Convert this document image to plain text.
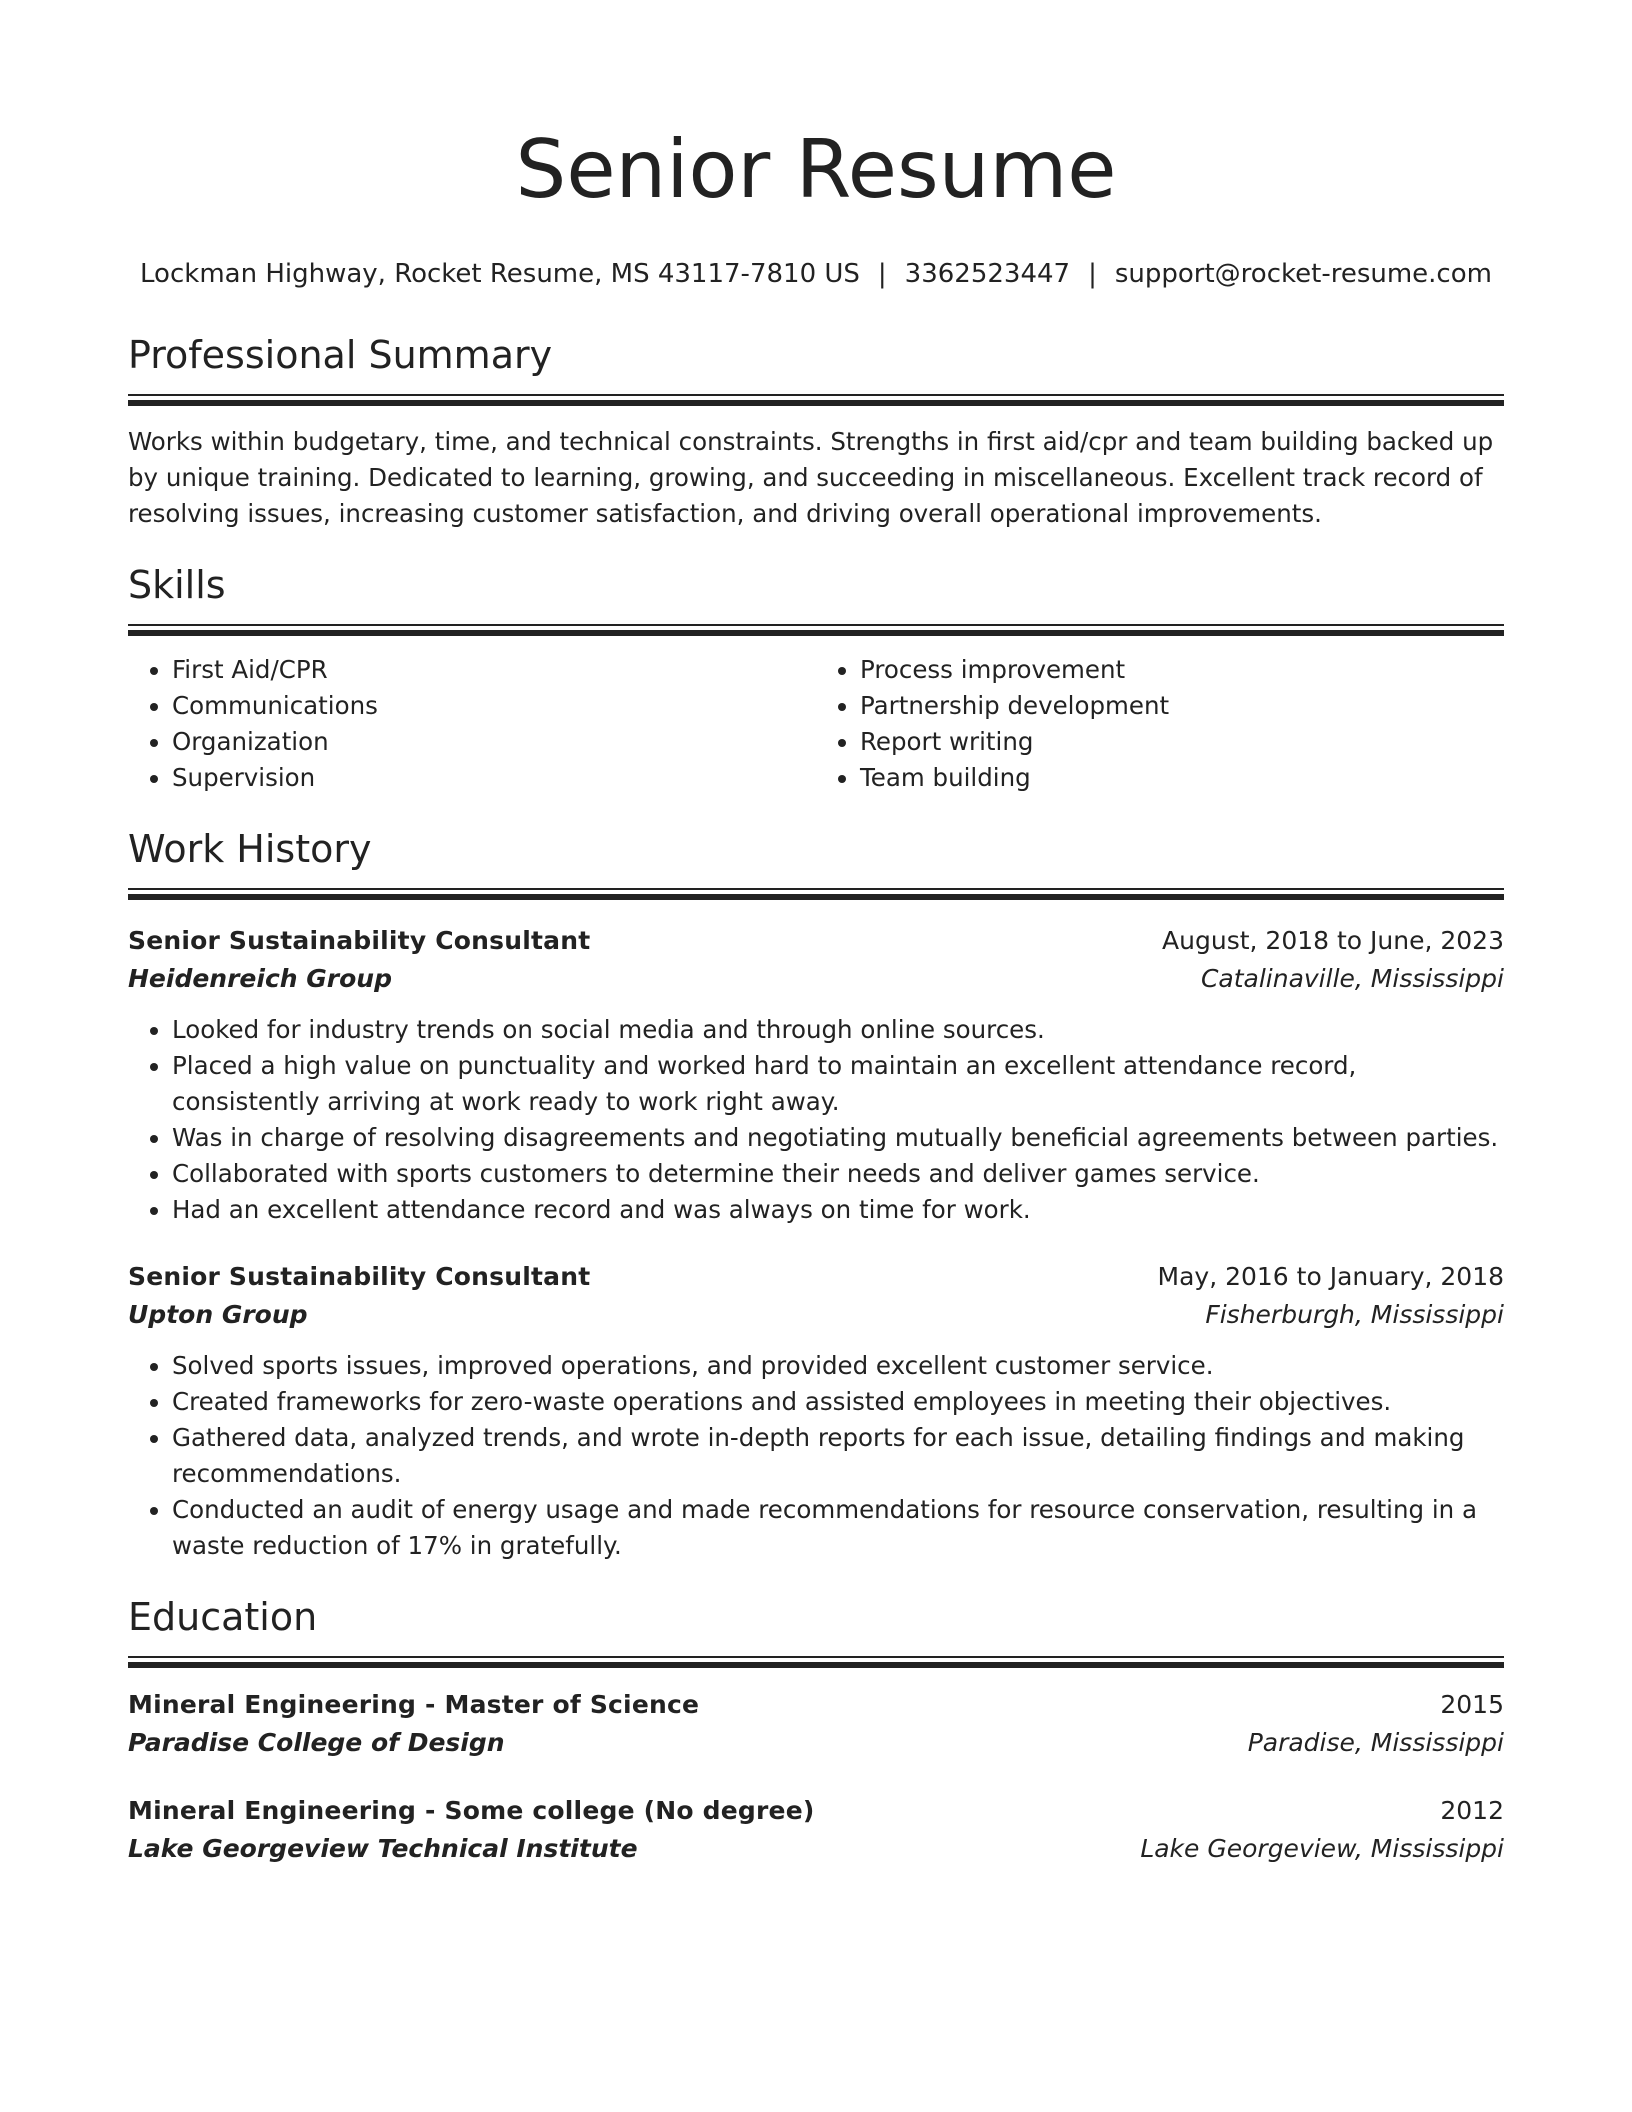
Senior Resume
Lockman Highway, Rocket Resume, MS 43117-7810 US | 3362523447 | support@rocket-resume.com
Professional Summary

Works within budgetary, time, and technical constraints. Strengths in first aid/cpr and team building backed up by unique training. Dedicated to learning, growing, and succeeding in miscellaneous. Excellent track record of resolving issues, increasing customer satisfaction, and driving overall operational improvements.

Skills
• First Aid/CPR
• Communications
• Organization
• Supervision
• Process improvement
• Partnership development
• Report writing
• Team building
Work History
Senior Sustainability Consultant	August, 2018 to June, 2023
Heidenreich Group	Catalinaville, Mississippi
• Looked for industry trends on social media and through online sources.
• Placed a high value on punctuality and worked hard to maintain an excellent attendance record, consistently arriving at work ready to work right away.
• Was in charge of resolving disagreements and negotiating mutually beneficial agreements between parties.
• Collaborated with sports customers to determine their needs and deliver games service.
• Had an excellent attendance record and was always on time for work.
Senior Sustainability Consultant	May, 2016 to January, 2018
Upton Group	Fisherburgh, Mississippi
• Solved sports issues, improved operations, and provided excellent customer service.
• Created frameworks for zero-waste operations and assisted employees in meeting their objectives.
• Gathered data, analyzed trends, and wrote in-depth reports for each issue, detailing findings and making recommendations.
• Conducted an audit of energy usage and made recommendations for resource conservation, resulting in a waste reduction of 17% in gratefully.
Education
Mineral Engineering - Master of Science	2015
Paradise College of Design	Paradise, Mississippi
Mineral Engineering - Some college (No degree)	2012
Lake Georgeview Technical Institute	Lake Georgeview, Mississippi
